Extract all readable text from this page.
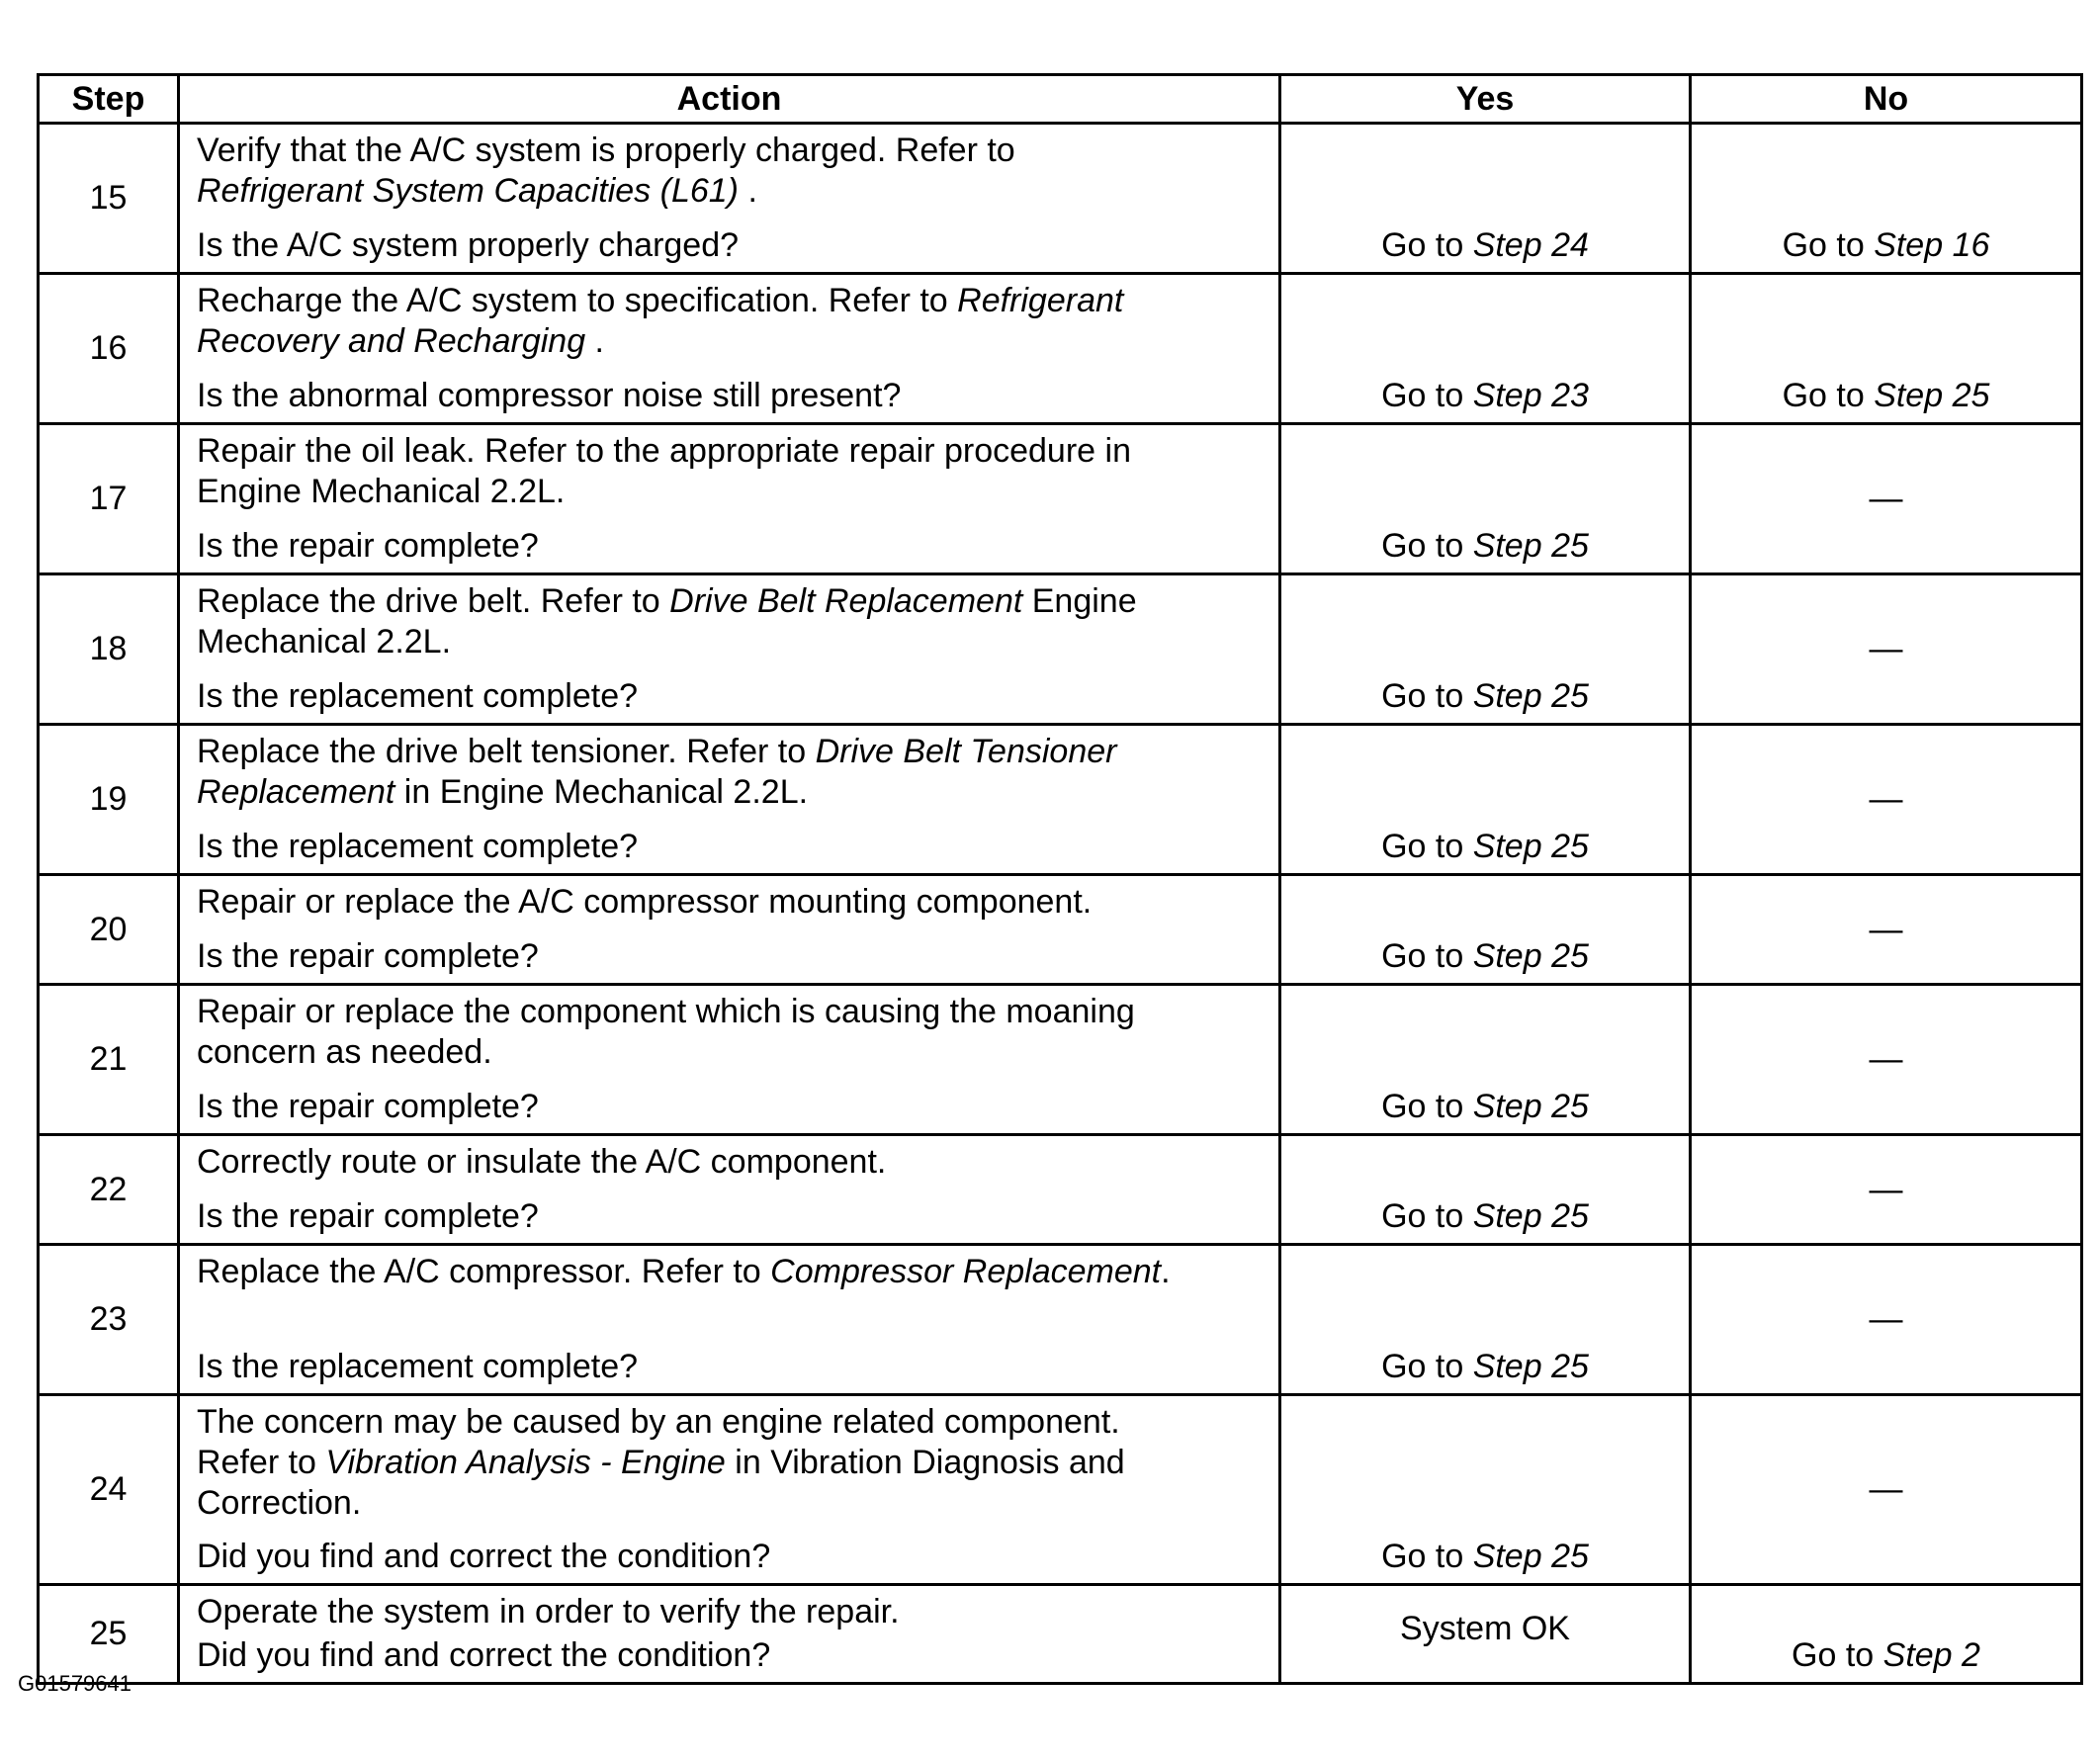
Step	Action	Yes	No
15	Verify that the A/C system is properly charged. Refer to
Refrigerant System Capacities (L61) .
Is the A/C system properly charged?	Go to Step 24	Go to Step 16
16	Recharge the A/C system to specification. Refer to Refrigerant
Recovery and Recharging .
Is the abnormal compressor noise still present?	Go to Step 23	Go to Step 25
17	Repair the oil leak. Refer to the appropriate repair procedure in
Engine Mechanical 2.2L.
Is the repair complete?	Go to Step 25	—
18	Replace the drive belt. Refer to Drive Belt Replacement Engine
Mechanical 2.2L.
Is the replacement complete?	Go to Step 25	—
19	Replace the drive belt tensioner. Refer to Drive Belt Tensioner
Replacement in Engine Mechanical 2.2L.
Is the replacement complete?	Go to Step 25	—
20	Repair or replace the A/C compressor mounting component.
Is the repair complete?	Go to Step 25	—
21	Repair or replace the component which is causing the moaning
concern as needed.
Is the repair complete?	Go to Step 25	—
22	Correctly route or insulate the A/C component.
Is the repair complete?	Go to Step 25	—
23	Replace the A/C compressor. Refer to Compressor Replacement.
Is the replacement complete?	Go to Step 25	—
24	The concern may be caused by an engine related component.
Refer to Vibration Analysis - Engine in Vibration Diagnosis and
Correction.
Did you find and correct the condition?	Go to Step 25	—
25	Operate the system in order to verify the repair.
Did you find and correct the condition?	System OK	Go to Step 2
G01579641
